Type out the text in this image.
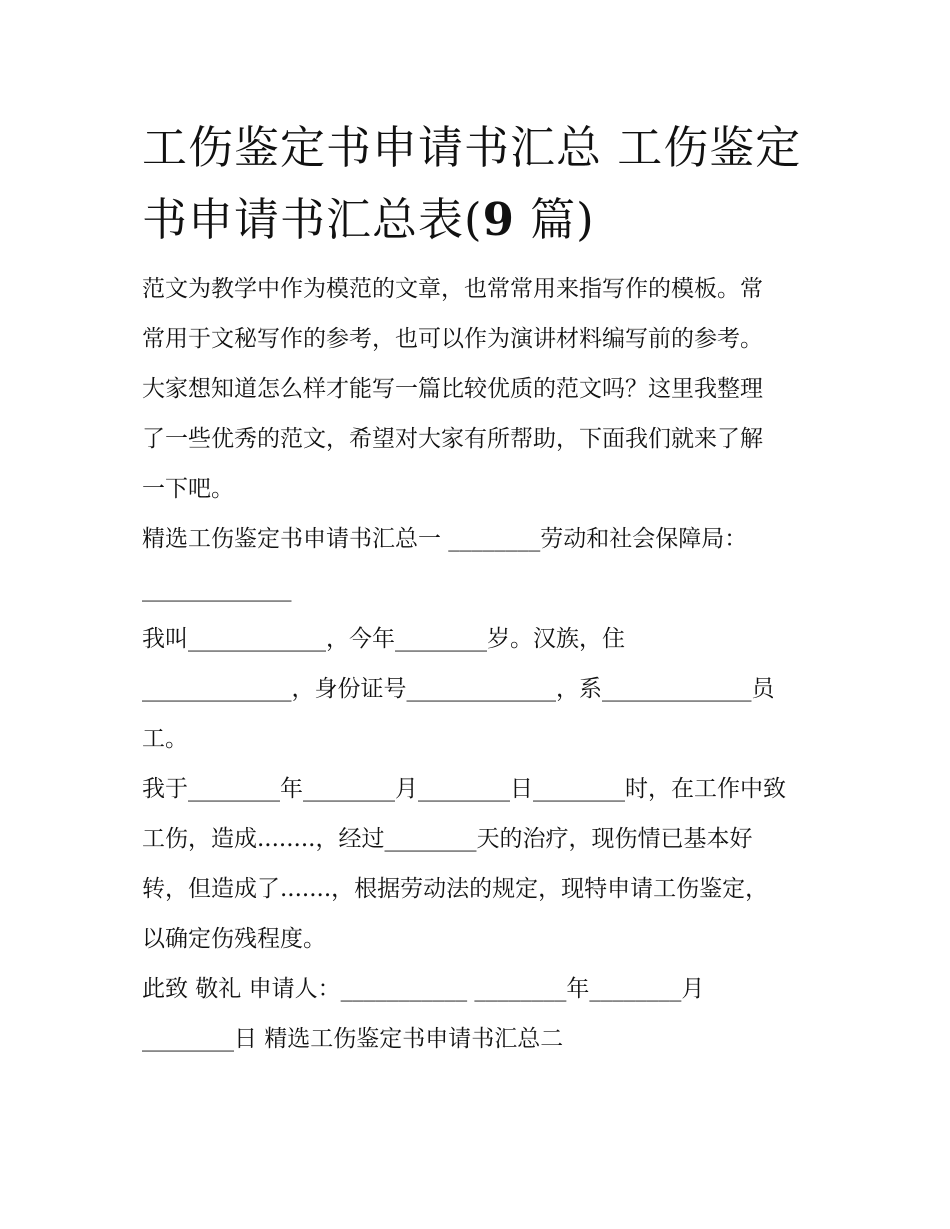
工伤鉴定书申请书汇总 工伤鉴定书申请书汇总表(9 篇)
范文为教学中作为模范的文章，也常常用来指写作的模板。常
常用于文秘写作的参考，也可以作为演讲材料编写前的参考。
大家想知道怎么样才能写一篇比较优质的范文吗？这里我整理
了一些优秀的范文，希望对大家有所帮助，下面我们就来了解
一下吧。
精选工伤鉴定书申请书汇总一 ________劳动和社会保障局：
_____________
我叫____________，今年________岁。汉族，住
_____________，身份证号_____________，系_____________员
工。
我于________年________月________日________时，在工作中致
工伤，造成........，经过________天的治疗，现伤情已基本好
转，但造成了.......，根据劳动法的规定，现特申请工伤鉴定，
以确定伤残程度。
此致 敬礼 申请人：___________ ________年________月
________日 精选工伤鉴定书申请书汇总二
